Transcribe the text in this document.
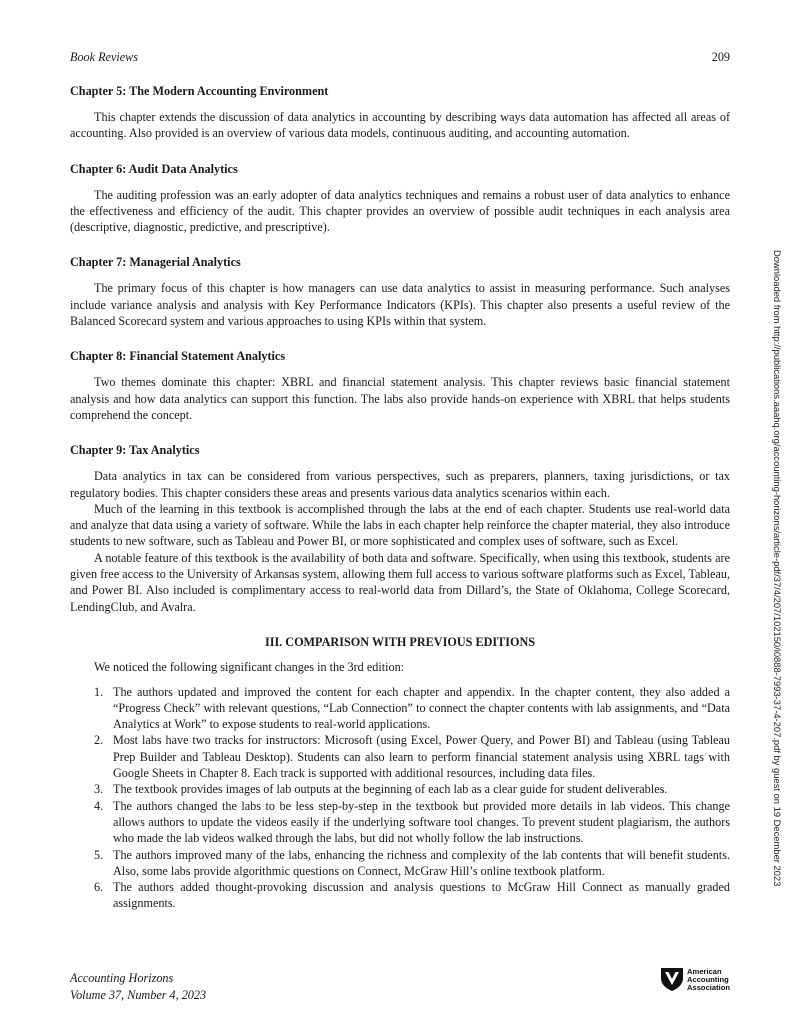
Book Reviews	209
Chapter 5: The Modern Accounting Environment

This chapter extends the discussion of data analytics in accounting by describing ways data automation has affected all areas of accounting. Also provided is an overview of various data models, continuous auditing, and accounting automation.

Chapter 6: Audit Data Analytics

The auditing profession was an early adopter of data analytics techniques and remains a robust user of data analytics to enhance the effectiveness and efficiency of the audit. This chapter provides an overview of possible audit techniques in each analysis area (descriptive, diagnostic, predictive, and prescriptive).

Chapter 7: Managerial Analytics

The primary focus of this chapter is how managers can use data analytics to assist in measuring performance. Such analyses include variance analysis and analysis with Key Performance Indicators (KPIs). This chapter also presents a useful review of the Balanced Scorecard system and various approaches to using KPIs within that system.

Chapter 8: Financial Statement Analytics

Two themes dominate this chapter: XBRL and financial statement analysis. This chapter reviews basic financial statement analysis and how data analytics can support this function. The labs also provide hands-on experience with XBRL that helps students comprehend the concept.

Chapter 9: Tax Analytics

Data analytics in tax can be considered from various perspectives, such as preparers, planners, taxing jurisdictions, or tax regulatory bodies. This chapter considers these areas and presents various data analytics scenarios within each.

Much of the learning in this textbook is accomplished through the labs at the end of each chapter. Students use real-world data and analyze that data using a variety of software. While the labs in each chapter help reinforce the chapter material, they also introduce students to new software, such as Tableau and Power BI, or more sophisticated and complex uses of software, such as Excel.

A notable feature of this textbook is the availability of both data and software. Specifically, when using this textbook, students are given free access to the University of Arkansas system, allowing them full access to various software platforms such as Excel, Tableau, and Power BI. Also included is complimentary access to real-world data from Dillard’s, the State of Oklahoma, College Scorecard, LendingClub, and Avalra.

III. COMPARISON WITH PREVIOUS EDITIONS

We noticed the following significant changes in the 3rd edition:

1. The authors updated and improved the content for each chapter and appendix. In the chapter content, they also added a “Progress Check” with relevant questions, “Lab Connection” to connect the chapter contents with lab assignments, and “Data Analytics at Work” to expose students to real-world applications.
2. Most labs have two tracks for instructors: Microsoft (using Excel, Power Query, and Power BI) and Tableau (using Tableau Prep Builder and Tableau Desktop). Students can also learn to perform financial statement analysis using XBRL tags with Google Sheets in Chapter 8. Each track is supported with additional resources, including data files.
3. The textbook provides images of lab outputs at the beginning of each lab as a clear guide for student deliverables.
4. The authors changed the labs to be less step-by-step in the textbook but provided more details in lab videos. This change allows authors to update the videos easily if the underlying software tool changes. To prevent student plagiarism, the authors who made the lab videos walked through the labs, but did not wholly follow the lab instructions.
5. The authors improved many of the labs, enhancing the richness and complexity of the lab contents that will benefit students. Also, some labs provide algorithmic questions on Connect, McGraw Hill’s online textbook platform.
6. The authors added thought-provoking discussion and analysis questions to McGraw Hill Connect as manually graded assignments.
Downloaded from http://publications.aaahq.org/accounting-horizons/article-pdf/37/4/207/102150/i0888-7993-37-4-207.pdf by guest on 19 December 2023
Accounting Horizons
Volume 37, Number 4, 2023
American
Accounting
Association
